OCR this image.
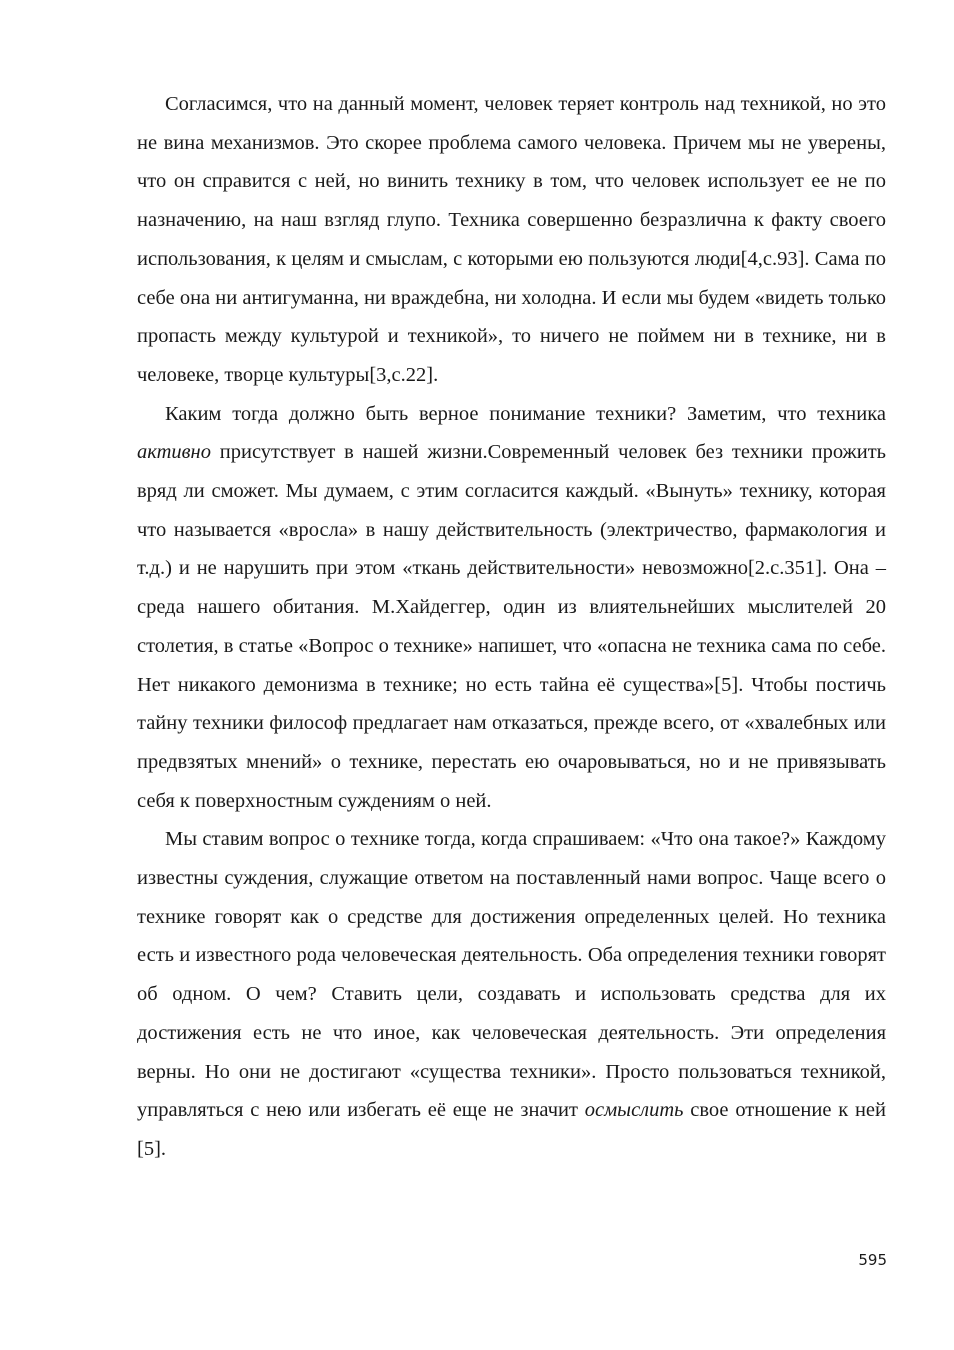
Согласимся, что на данный момент, человек теряет контроль над техникой, но это не вина механизмов. Это скорее проблема самого человека. Причем мы не уверены, что он справится с ней, но винить технику в том, что человек использует ее не по назначению, на наш взгляд глупо. Техника совершенно безразлична к факту своего использования, к целям и смыслам, с которыми ею пользуются люди[4,с.93]. Сама по себе она ни антигуманна, ни враждебна, ни холодна. И если мы будем «видеть только пропасть между культурой и техникой», то ничего не поймем ни в технике, ни в человеке, творце культуры[3,с.22].

Каким тогда должно быть верное понимание техники? Заметим, что техника активно присутствует в нашей жизни.Современный человек без техники прожить вряд ли сможет. Мы думаем, с этим согласится каждый. «Вынуть» технику, которая что называется «вросла» в нашу действительность (электричество, фармакология и т.д.) и не нарушить при этом «ткань действительности» невозможно[2.с.351]. Она – среда нашего обитания. М.Хайдеггер, один из влиятельнейших мыслителей 20 столетия, в статье «Вопрос о технике» напишет, что «опасна не техника сама по себе. Нет никакого демонизма в технике; но есть тайна её существа»[5]. Чтобы постичь тайну техники философ предлагает нам отказаться, прежде всего, от «хвалебных или предвзятых мнений» о технике, перестать ею очаровываться, но и не привязывать себя к поверхностным суждениям о ней.

Мы ставим вопрос о технике тогда, когда спрашиваем: «Что она такое?» Каждому известны суждения, служащие ответом на поставленный нами вопрос. Чаще всего о технике говорят как о средстве для достижения определенных целей. Но техника есть и известного рода человеческая деятельность. Оба определения техники говорят об одном. О чем? Ставить цели, создавать и использовать средства для их достижения есть не что иное, как человеческая деятельность. Эти определения верны. Но они не достигают «существа техники». Просто пользоваться техникой, управляться с нею или избегать её еще не значит осмыслить свое отношение к ней [5].

595
